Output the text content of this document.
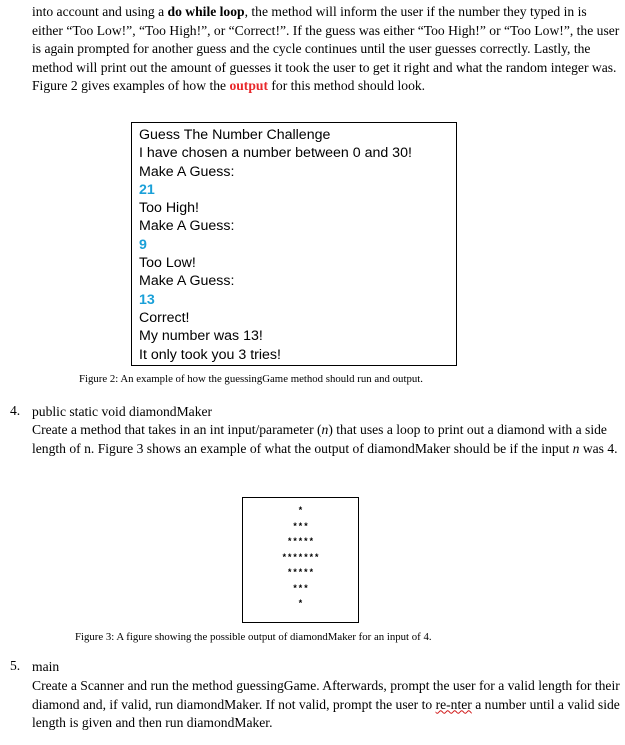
into account and using a do while loop, the method will inform the user if the number they typed in is either “Too Low!”, “Too High!”, or “Correct!”. If the guess was either “Too High!” or “Too Low!”, the user is again prompted for another guess and the cycle continues until the user guesses correctly. Lastly, the method will print out the amount of guesses it took the user to get it right and what the random integer was. Figure 2 gives examples of how the output for this method should look.

Guess The Number Challenge
I have chosen a number between 0 and 30!
Make A Guess:
21
Too High!
Make A Guess:
9
Too Low!
Make A Guess:
13
Correct!
My number was 13!
It only took you 3 tries!
Figure 2: An example of how the guessingGame method should run and output.
4. public static void diamondMaker

Create a method that takes in an int input/parameter (n) that uses a loop to print out a diamond with a side length of n. Figure 3 shows an example of what the output of diamondMaker should be if the input n was 4.

*
***
*****
*******
*****
***
*
Figure 3: A figure showing the possible output of diamondMaker for an input of 4.
5. main

Create a Scanner and run the method guessingGame. Afterwards, prompt the user for a valid length for their diamond and, if valid, run diamondMaker. If not valid, prompt the user to re-nter a number until a valid side length is given and then run diamondMaker.
